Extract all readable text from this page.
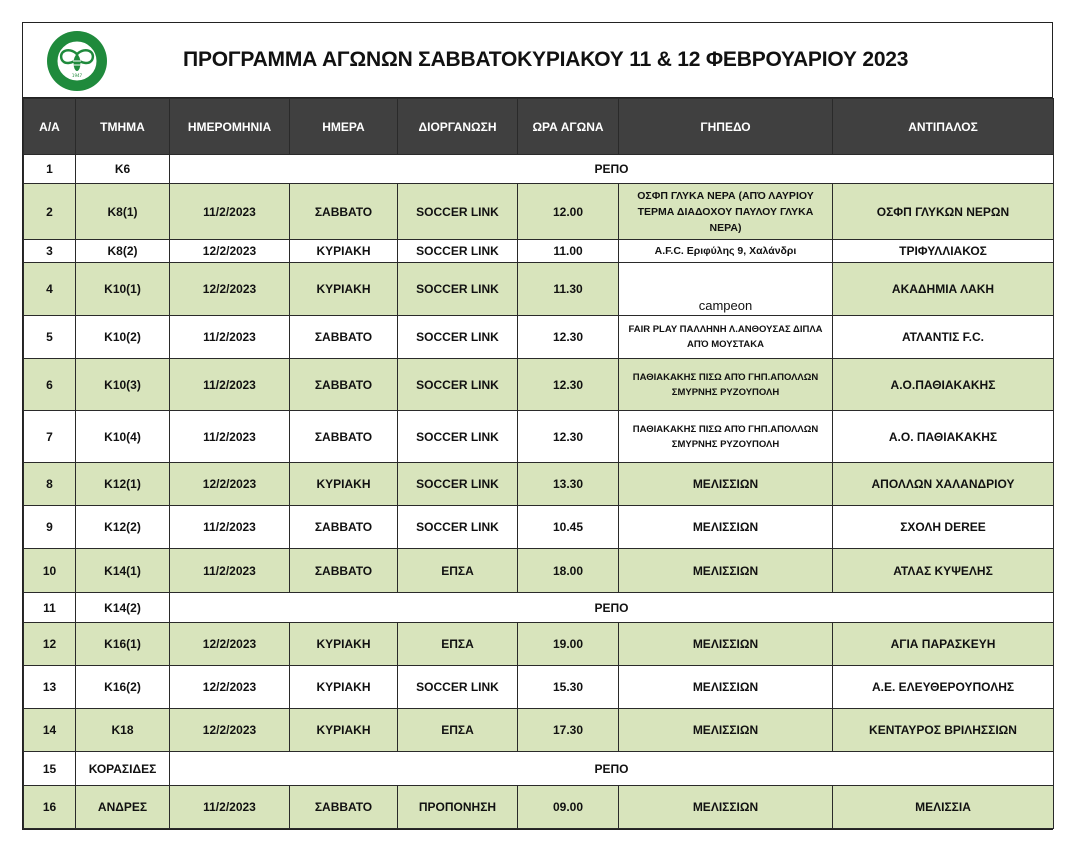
1947
ΠΡΟΓΡΑΜΜΑ ΑΓΩΝΩΝ ΣΑΒΒΑΤΟΚΥΡΙΑΚΟΥ 11 & 12 ΦΕΒΡΟΥΑΡΙΟΥ 2023
Α/Α	ΤΜΗΜΑ	ΗΜΕΡΟΜΗΝΙΑ	ΗΜΕΡΑ	ΔΙΟΡΓΑΝΩΣΗ	ΩΡΑ ΑΓΩΝΑ	ΓΗΠΕΔΟ	ΑΝΤΙΠΑΛΟΣ
1	Κ6	ΡΕΠΟ					
2	Κ8(1)	11/2/2023	ΣΑΒΒΑΤΟ	SOCCER LINK	12.00	ΟΣΦΠ ΓΛΥΚΑ ΝΕΡΑ (ΑΠΌ ΛΑΥΡΙΟΥ ΤΕΡΜΑ ΔΙΑΔΟΧΟΥ ΠΑΥΛΟΥ ΓΛΥΚΑ ΝΕΡΑ)	ΟΣΦΠ ΓΛΥΚΩΝ ΝΕΡΩΝ
3	Κ8(2)	12/2/2023	ΚΥΡΙΑΚΗ	SOCCER LINK	11.00	A.F.C. Εριφύλης 9, Χαλάνδρι	ΤΡΙΦΥΛΛΙΑΚΟΣ
4	Κ10(1)	12/2/2023	ΚΥΡΙΑΚΗ	SOCCER LINK	11.30	campeon	ΑΚΑΔΗΜΙΑ ΛΑΚΗ
5	Κ10(2)	11/2/2023	ΣΑΒΒΑΤΟ	SOCCER LINK	12.30	FAIR PLAY ΠΑΛΛΗΝΗ Λ.ΑΝΘΟΥΣΑΣ ΔΙΠΛΑ ΑΠΌ ΜΟΥΣΤΑΚΑ	ΑΤΛΑΝΤΙΣ F.C.
6	Κ10(3)	11/2/2023	ΣΑΒΒΑΤΟ	SOCCER LINK	12.30	ΠΑΘΙΑΚΑΚΗΣ ΠΙΣΩ ΑΠΌ ΓΗΠ.ΑΠΟΛΛΩΝ ΣΜΥΡΝΗΣ ΡΥΖΟΥΠΟΛΗ	Α.Ο.ΠΑΘΙΑΚΑΚΗΣ
7	Κ10(4)	11/2/2023	ΣΑΒΒΑΤΟ	SOCCER LINK	12.30	ΠΑΘΙΑΚΑΚΗΣ ΠΙΣΩ ΑΠΌ ΓΗΠ.ΑΠΟΛΛΩΝ ΣΜΥΡΝΗΣ ΡΥΖΟΥΠΟΛΗ	Α.Ο. ΠΑΘΙΑΚΑΚΗΣ
8	Κ12(1)	12/2/2023	ΚΥΡΙΑΚΗ	SOCCER LINK	13.30	ΜΕΛΙΣΣΙΩΝ	ΑΠΟΛΛΩΝ ΧΑΛΑΝΔΡΙΟΥ
9	Κ12(2)	11/2/2023	ΣΑΒΒΑΤΟ	SOCCER LINK	10.45	ΜΕΛΙΣΣΙΩΝ	ΣΧΟΛΗ DEREE
10	Κ14(1)	11/2/2023	ΣΑΒΒΑΤΟ	ΕΠΣΑ	18.00	ΜΕΛΙΣΣΙΩΝ	ΑΤΛΑΣ ΚΥΨΕΛΗΣ
11	Κ14(2)	ΡΕΠΟ					
12	Κ16(1)	12/2/2023	ΚΥΡΙΑΚΗ	ΕΠΣΑ	19.00	ΜΕΛΙΣΣΙΩΝ	ΑΓΙΑ ΠΑΡΑΣΚΕΥΗ
13	Κ16(2)	12/2/2023	ΚΥΡΙΑΚΗ	SOCCER LINK	15.30	ΜΕΛΙΣΣΙΩΝ	Α.Ε. ΕΛΕΥΘΕΡΟΥΠΟΛΗΣ
14	Κ18	12/2/2023	ΚΥΡΙΑΚΗ	ΕΠΣΑ	17.30	ΜΕΛΙΣΣΙΩΝ	ΚΕΝΤΑΥΡΟΣ ΒΡΙΛΗΣΣΙΩΝ
15	ΚΟΡΑΣΙΔΕΣ	ΡΕΠΟ					
16	ΑΝΔΡΕΣ	11/2/2023	ΣΑΒΒΑΤΟ	ΠΡΟΠΟΝΗΣΗ	09.00	ΜΕΛΙΣΣΙΩΝ	ΜΕΛΙΣΣΙΑ
